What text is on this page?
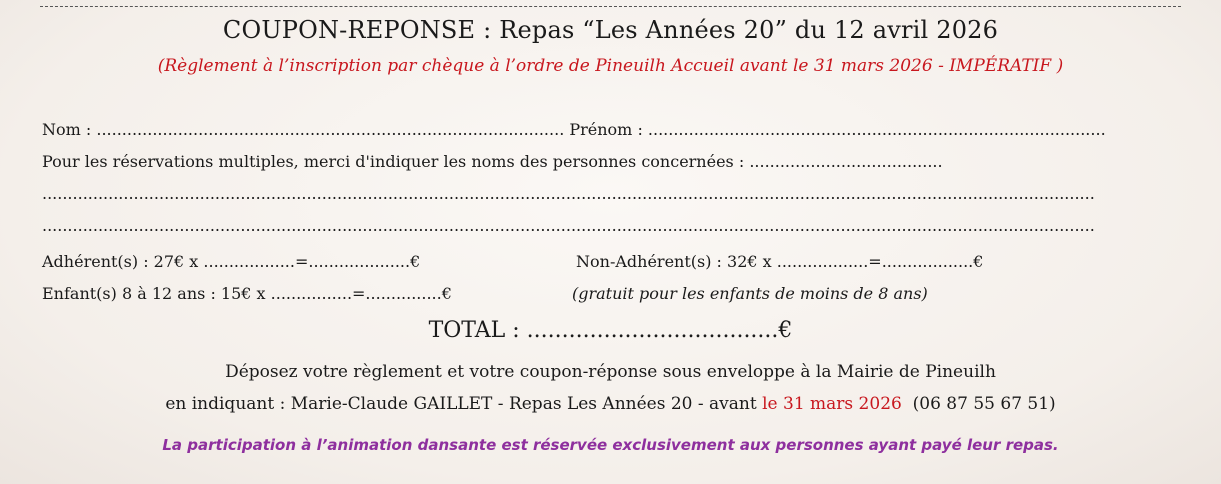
COUPON-REPONSE : Repas “Les Années 20” du 12 avril 2026
(Règlement à l’inscription par chèque à l’ordre de Pineuilh Accueil avant le 31 mars 2026 - IMPÉRATIF )
Nom : ............................................................................................ Prénom : ..........................................................................................
Pour les réservations multiples, merci d'indiquer les noms des personnes concernées : ......................................
...............................................................................................................................................................................................................
...............................................................................................................................................................................................................
Adhérent(s) : 27€ x ..................=....................€	Non-Adhérent(s) : 32€ x ..................=..................€
Enfant(s) 8 à 12 ans : 15€ x ................=...............€	(gratuit pour les enfants de moins de 8 ans)
TOTAL : ....................................€
Déposez votre règlement et votre coupon-réponse sous enveloppe à la Mairie de Pineuilh
en indiquant : Marie-Claude GAILLET - Repas Les Années 20 - avant le 31 mars 2026 (06 87 55 67 51)
La participation à l’animation dansante est réservée exclusivement aux personnes ayant payé leur repas.
